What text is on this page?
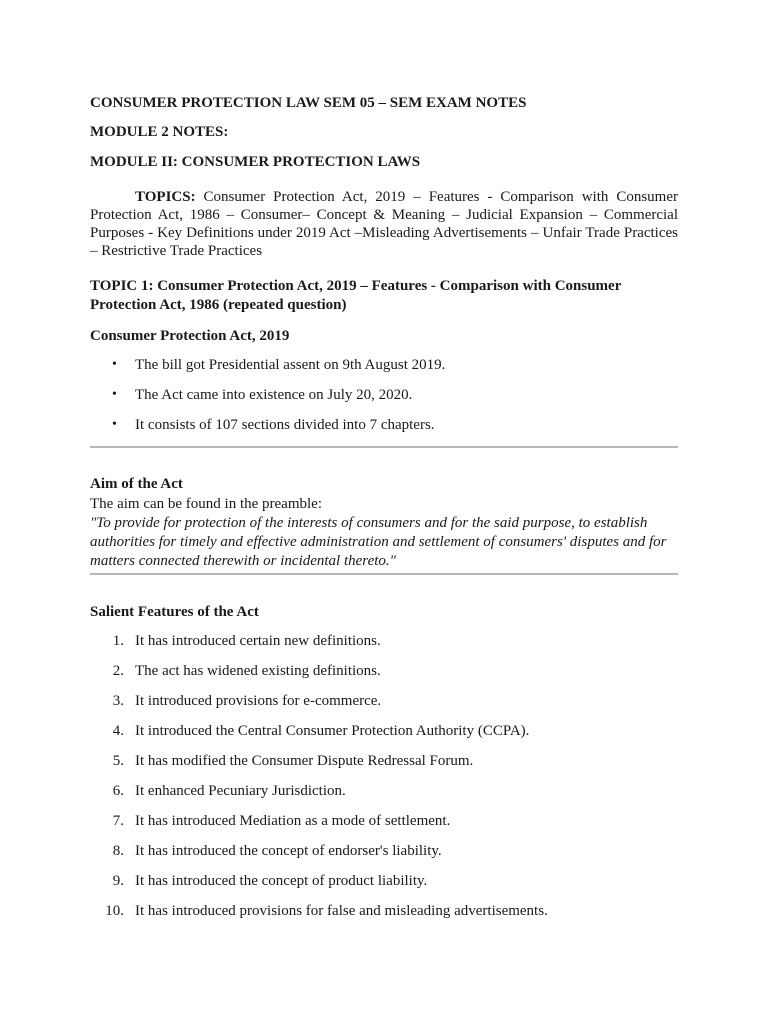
CONSUMER PROTECTION LAW SEM 05 – SEM EXAM NOTES

MODULE 2 NOTES:

MODULE II: CONSUMER PROTECTION LAWS

TOPICS: Consumer Protection Act, 2019 – Features - Comparison with Consumer Protection Act, 1986 – Consumer– Concept & Meaning – Judicial Expansion – Commercial Purposes - Key Definitions under 2019 Act –Misleading Advertisements – Unfair Trade Practices – Restrictive Trade Practices

TOPIC 1: Consumer Protection Act, 2019 – Features - Comparison with Consumer Protection Act, 1986 (repeated question)

Consumer Protection Act, 2019

• The bill got Presidential assent on 9th August 2019.
• The Act came into existence on July 20, 2020.
• It consists of 107 sections divided into 7 chapters.

Aim of the Act

The aim can be found in the preamble:

"To provide for protection of the interests of consumers and for the said purpose, to establish authorities for timely and effective administration and settlement of consumers' disputes and for matters connected therewith or incidental thereto."

Salient Features of the Act

1. It has introduced certain new definitions.
2. The act has widened existing definitions.
3. It introduced provisions for e-commerce.
4. It introduced the Central Consumer Protection Authority (CCPA).
5. It has modified the Consumer Dispute Redressal Forum.
6. It enhanced Pecuniary Jurisdiction.
7. It has introduced Mediation as a mode of settlement.
8. It has introduced the concept of endorser's liability.
9. It has introduced the concept of product liability.
10. It has introduced provisions for false and misleading advertisements.
